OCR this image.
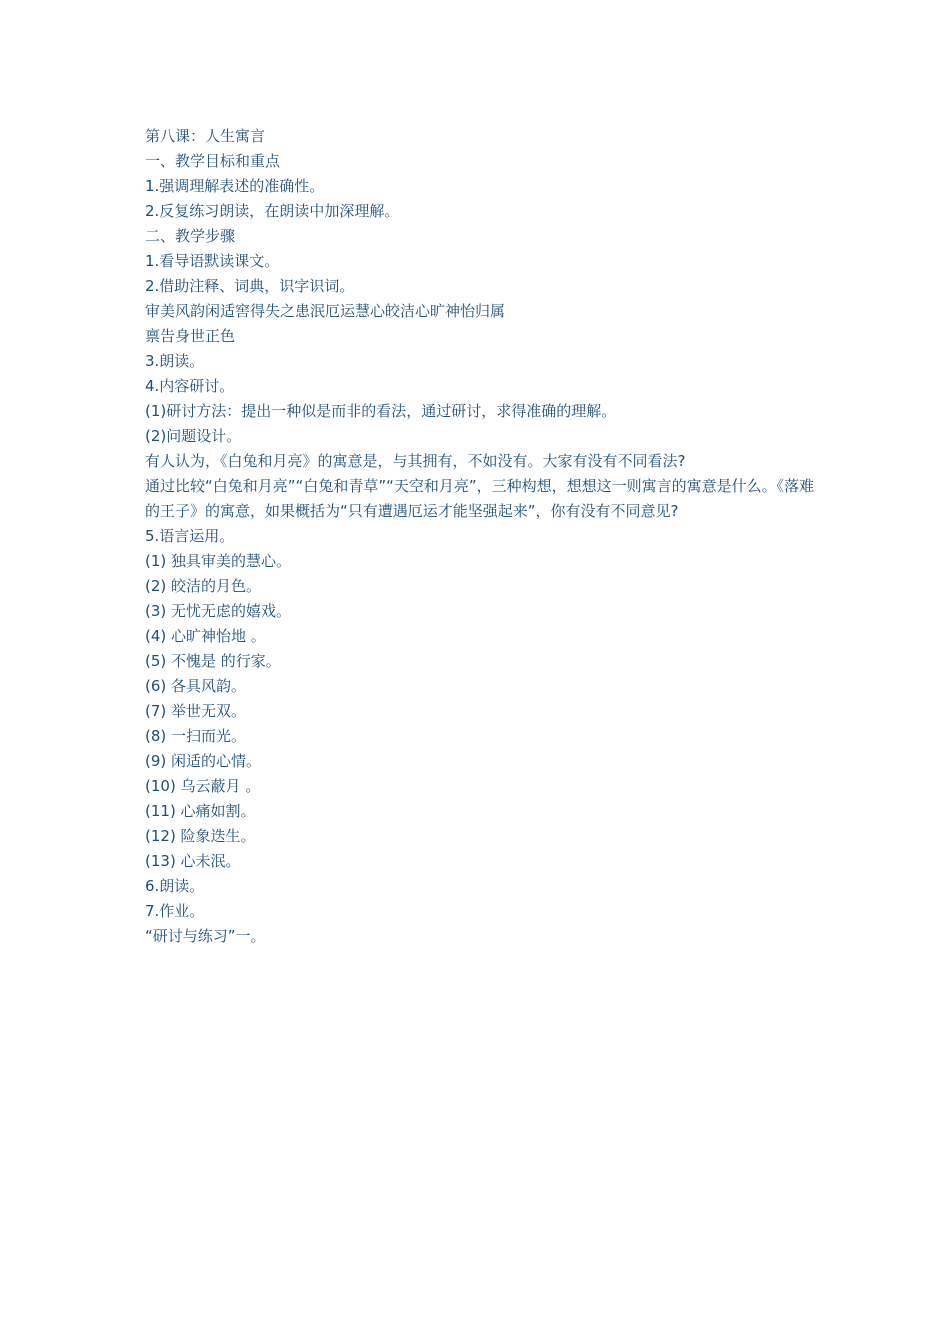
第八课：人生寓言

一、教学目标和重点

1.强调理解表述的准确性。

2.反复练习朗读，在朗读中加深理解。

二、教学步骤

1.看导语默读课文。

2.借助注释、词典，识字识词。

审美风韵闲适窖得失之患泯厄运慧心皎洁心旷神怡归属

禀告身世正色

3.朗读。

4.内容研讨。

(1)研讨方法：提出一种似是而非的看法，通过研讨，求得准确的理解。

(2)问题设计。

有人认为，《白兔和月亮》的寓意是，与其拥有，不如没有。大家有没有不同看法?

通过比较“白兔和月亮”“白兔和青草”“天空和月亮”，三种构想，想想这一则寓言的寓意是什么。《落难的王子》的寓意，如果概括为“只有遭遇厄运才能坚强起来”，你有没有不同意见?

5.语言运用。

(1) 独具审美的慧心。

(2) 皎洁的月色。

(3) 无忧无虑的嬉戏。

(4) 心旷神怡地 。

(5) 不愧是 的行家。

(6) 各具风韵。

(7) 举世无双。

(8) 一扫而光。

(9) 闲适的心情。

(10) 乌云蔽月 。

(11) 心痛如割。

(12) 险象迭生。

(13) 心未泯。

6.朗读。

7.作业。

“研讨与练习”一。
